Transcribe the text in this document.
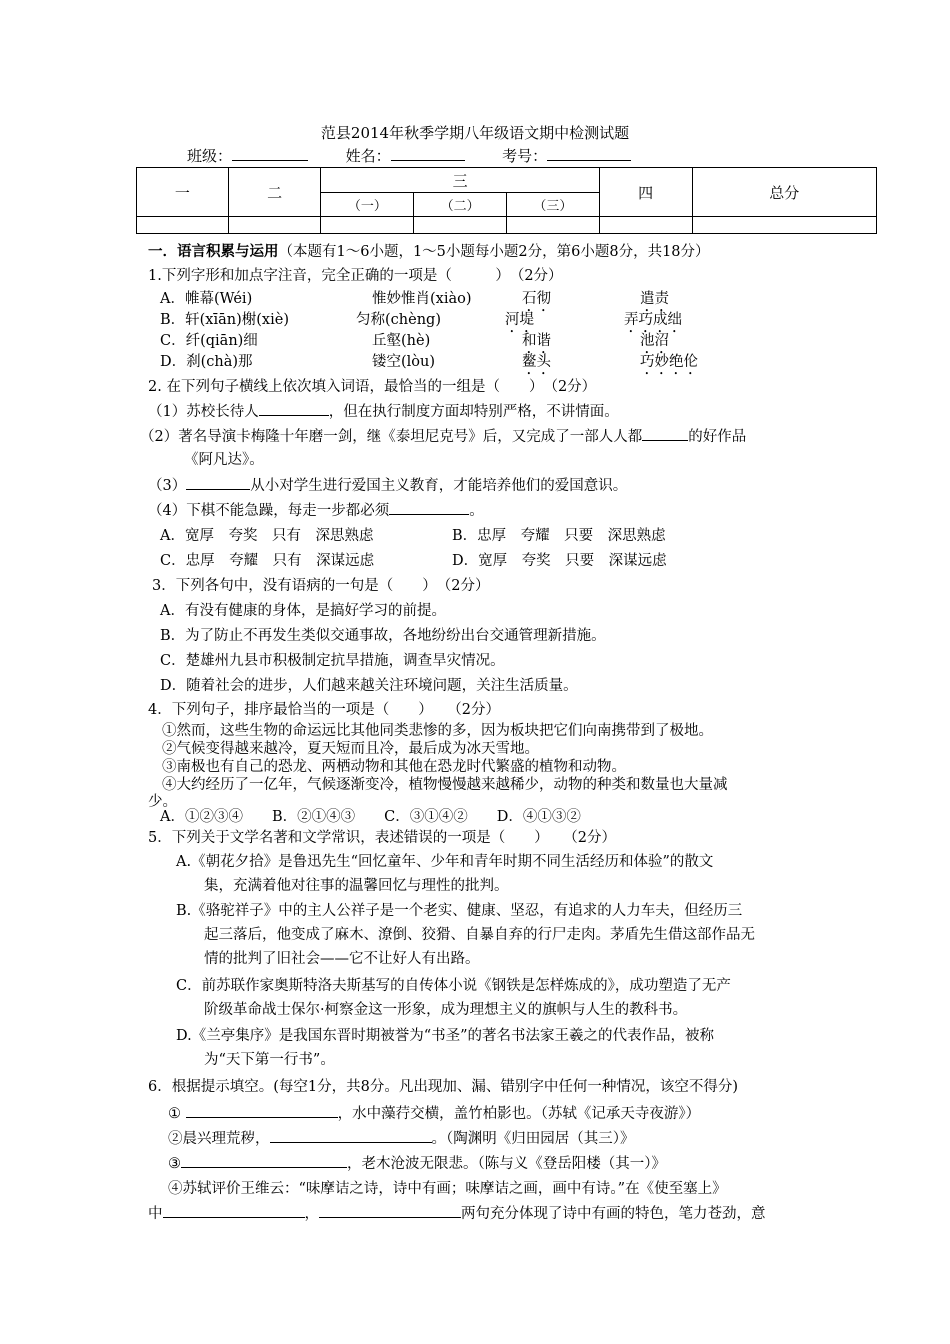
范县2014年秋季学期八年级语文期中检测试题
班级：	姓名：	考号：
一	二	三			四	总分
		（一）	（二）	（三）		

一．语言积累与运用（本题有1～6小题，1～5小题每小题2分，第6小题8分，共18分）
1.下列字形和加点字注音，完全正确的一项是（　　　）　（2分）
A．帷幕(Wéi)	惟妙惟肖(xiào)	石彻	遣责
B．轩(xīān)榭(xiè)	匀称(chèng)	河堤	弄巧成绌
C．纤(qiān)细	丘壑(hè)	和谐	池沼
D．刹(chà)那	镂空(lòu)	鳌头	巧妙绝伦
2. 在下列句子横线上依次填入词语，最恰当的一组是（　　）　（2分）
（1）苏校长待人	，但在执行制度方面却特别严格，不讲情面。
（2）著名导演卡梅隆十年磨一剑，继《泰坦尼克号》后，又完成了一部人人都	的好作品
《阿凡达》。
（3）	从小对学生进行爱国主义教育，才能培养他们的爱国意识。
（4）下棋不能急躁，每走一步都必须	。
A．宽厚　夸奖　只有　深思熟虑	B．忠厚　夸耀　只要　深思熟虑
C．忠厚　夸耀　只有　深谋远虑	D．宽厚　夸奖　只要　深谋远虑
3．下列各句中，没有语病的一句是（　　）　（2分）
A．有没有健康的身体，是搞好学习的前提。
B．为了防止不再发生类似交通事故，各地纷纷出台交通管理新措施。
C．楚雄州九县市积极制定抗旱措施，调查旱灾情况。
D．随着社会的进步，人们越来越关注环境问题，关注生活质量。
4．下列句子，排序最恰当的一项是（　　）　　（2分）
①然而，这些生物的命运远比其他同类悲惨的多，因为板块把它们向南携带到了极地。
②气候变得越来越冷，夏天短而且冷，最后成为冰天雪地。
③南极也有自己的恐龙、两栖动物和其他在恐龙时代繁盛的植物和动物。
④大约经历了一亿年，气候逐渐变冷，植物慢慢越来越稀少，动物的种类和数量也大量减
少。
A．①②③④　　B．②①④③　　C．③①④②　　D．④①③②
5．下列关于文学名著和文学常识，表述错误的一项是（　　）　　（2分）
A.《朝花夕拾》是鲁迅先生“回忆童年、少年和青年时期不同生活经历和体验”的散文
集，充满着他对往事的温馨回忆与理性的批判。
B.《骆驼祥子》中的主人公祥子是一个老实、健康、坚忍，有追求的人力车夫，但经历三
起三落后，他变成了麻木、潦倒、狡猾、自暴自弃的行尸走肉。茅盾先生借这部作品无
情的批判了旧社会——它不让好人有出路。
C．前苏联作家奥斯特洛夫斯基写的自传体小说《钢铁是怎样炼成的》，成功塑造了无产
阶级革命战士保尔·柯察金这一形象，成为理想主义的旗帜与人生的教科书。
D.《兰亭集序》是我国东晋时期被誉为“书圣”的著名书法家王羲之的代表作品，被称
为“天下第一行书”。
6．根据提示填空。(每空1分，共8分。凡出现加、漏、错别字中任何一种情况，该空不得分)
①	，水中藻荇交横，盖竹柏影也。（苏轼《记承天寺夜游》）
②晨兴理荒秽，	。（陶渊明《归田园居（其三）》
③	，老木沧波无限悲。（陈与义《登岳阳楼（其一）》
④苏轼评价王维云：“味摩诘之诗，诗中有画；味摩诘之画，画中有诗。”在《使至塞上》
中	，	两句充分体现了诗中有画的特色，笔力苍劲，意
